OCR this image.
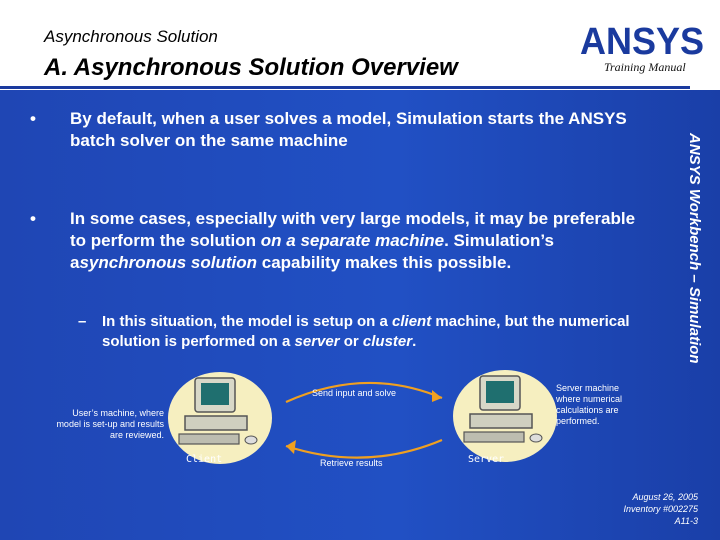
Asynchronous Solution
A. Asynchronous Solution Overview
ANSYS
Training Manual
ANSYS Workbench – Simulation
• By default, when a user solves a model, Simulation starts the ANSYS batch solver on the same machine
• In some cases, especially with very large models, it may be preferable to perform the solution on a separate machine. Simulation’s asynchronous solution capability makes this possible.
– In this situation, the model is setup on a client machine, but the numerical solution is performed on a server or cluster.
User’s machine, where model is set-up and results are reviewed.
Client
Send input and solve
Retrieve results	Server
Server machine where numerical calculations are performed.
August 26, 2005
Inventory #002275
A11-3
